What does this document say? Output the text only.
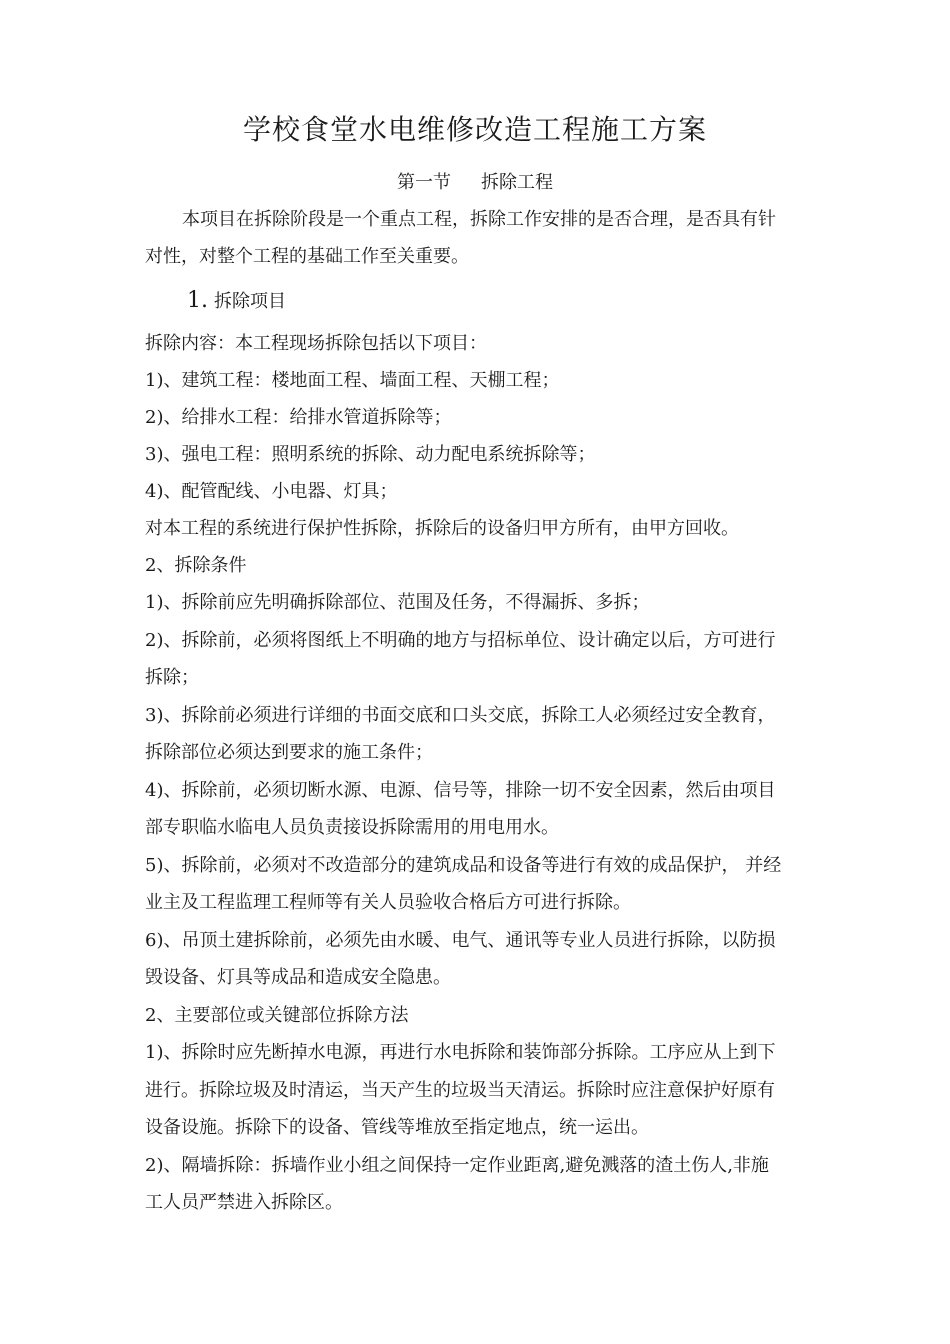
学校食堂水电维修改造工程施工方案
第一节 拆除工程
本项目在拆除阶段是一个重点工程，拆除工作安排的是否合理，是否具有针
对性，对整个工程的基础工作至关重要。
1. 拆除项目
拆除内容：本工程现场拆除包括以下项目：
1)、建筑工程：楼地面工程、墙面工程、天棚工程；
2)、给排水工程：给排水管道拆除等；
3)、强电工程：照明系统的拆除、动力配电系统拆除等；
4)、配管配线、小电器、灯具；
对本工程的系统进行保护性拆除，拆除后的设备归甲方所有，由甲方回收。
2、拆除条件
1)、拆除前应先明确拆除部位、范围及任务，不得漏拆、多拆；
2)、拆除前，必须将图纸上不明确的地方与招标单位、设计确定以后，方可进行
拆除；
3)、拆除前必须进行详细的书面交底和口头交底，拆除工人必须经过安全教育，
拆除部位必须达到要求的施工条件；
4)、拆除前，必须切断水源、电源、信号等，排除一切不安全因素，然后由项目
部专职临水临电人员负责接设拆除需用的用电用水。
5)、拆除前，必须对不改造部分的建筑成品和设备等进行有效的成品保护， 并经
业主及工程监理工程师等有关人员验收合格后方可进行拆除。
6)、吊顶土建拆除前，必须先由水暖、电气、通讯等专业人员进行拆除，以防损
毁设备、灯具等成品和造成安全隐患。
2、主要部位或关键部位拆除方法
1)、拆除时应先断掉水电源，再进行水电拆除和装饰部分拆除。工序应从上到下
进行。拆除垃圾及时清运，当天产生的垃圾当天清运。拆除时应注意保护好原有
设备设施。拆除下的设备、管线等堆放至指定地点，统一运出。
2)、隔墙拆除：拆墙作业小组之间保持一定作业距离,避免溅落的渣土伤人,非施
工人员严禁进入拆除区。
